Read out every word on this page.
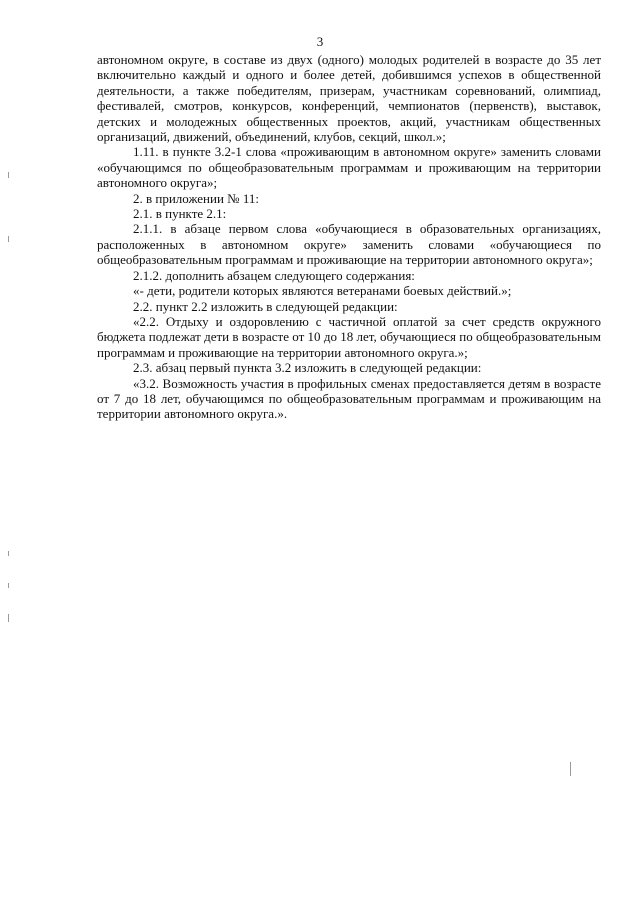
3

автономном округе, в составе из двух (одного) молодых родителей в возрасте до 35 лет включительно каждый и одного и более детей, добившимся успехов в общественной деятельности, а также победителям, призерам, участникам соревнований, олимпиад, фестивалей, смотров, конкурсов, конференций, чемпионатов (первенств), выставок, детских и молодежных общественных проектов, акций, участникам общественных организаций, движений, объединений, клубов, секций, школ.»;

1.11. в пункте 3.2-1 слова «проживающим в автономном округе» заменить словами «обучающимся по общеобразовательным программам и проживающим на территории автономного округа»;

2. в приложении № 11:

2.1. в пункте 2.1:

2.1.1. в абзаце первом слова «обучающиеся в образовательных организациях, расположенных в автономном округе» заменить словами «обучающиеся по общеобразовательным программам и проживающие на территории автономного округа»;

2.1.2. дополнить абзацем следующего содержания:

«- дети, родители которых являются ветеранами боевых действий.»;

2.2. пункт 2.2 изложить в следующей редакции:

«2.2. Отдыху и оздоровлению с частичной оплатой за счет средств окружного бюджета подлежат дети в возрасте от 10 до 18 лет, обучающиеся по общеобразовательным программам и проживающие на территории автономного округа.»;

2.3. абзац первый пункта 3.2 изложить в следующей редакции:

«3.2. Возможность участия в профильных сменах предоставляется детям в возрасте от 7 до 18 лет, обучающимся по общеобразовательным программам и проживающим на территории автономного округа.».
